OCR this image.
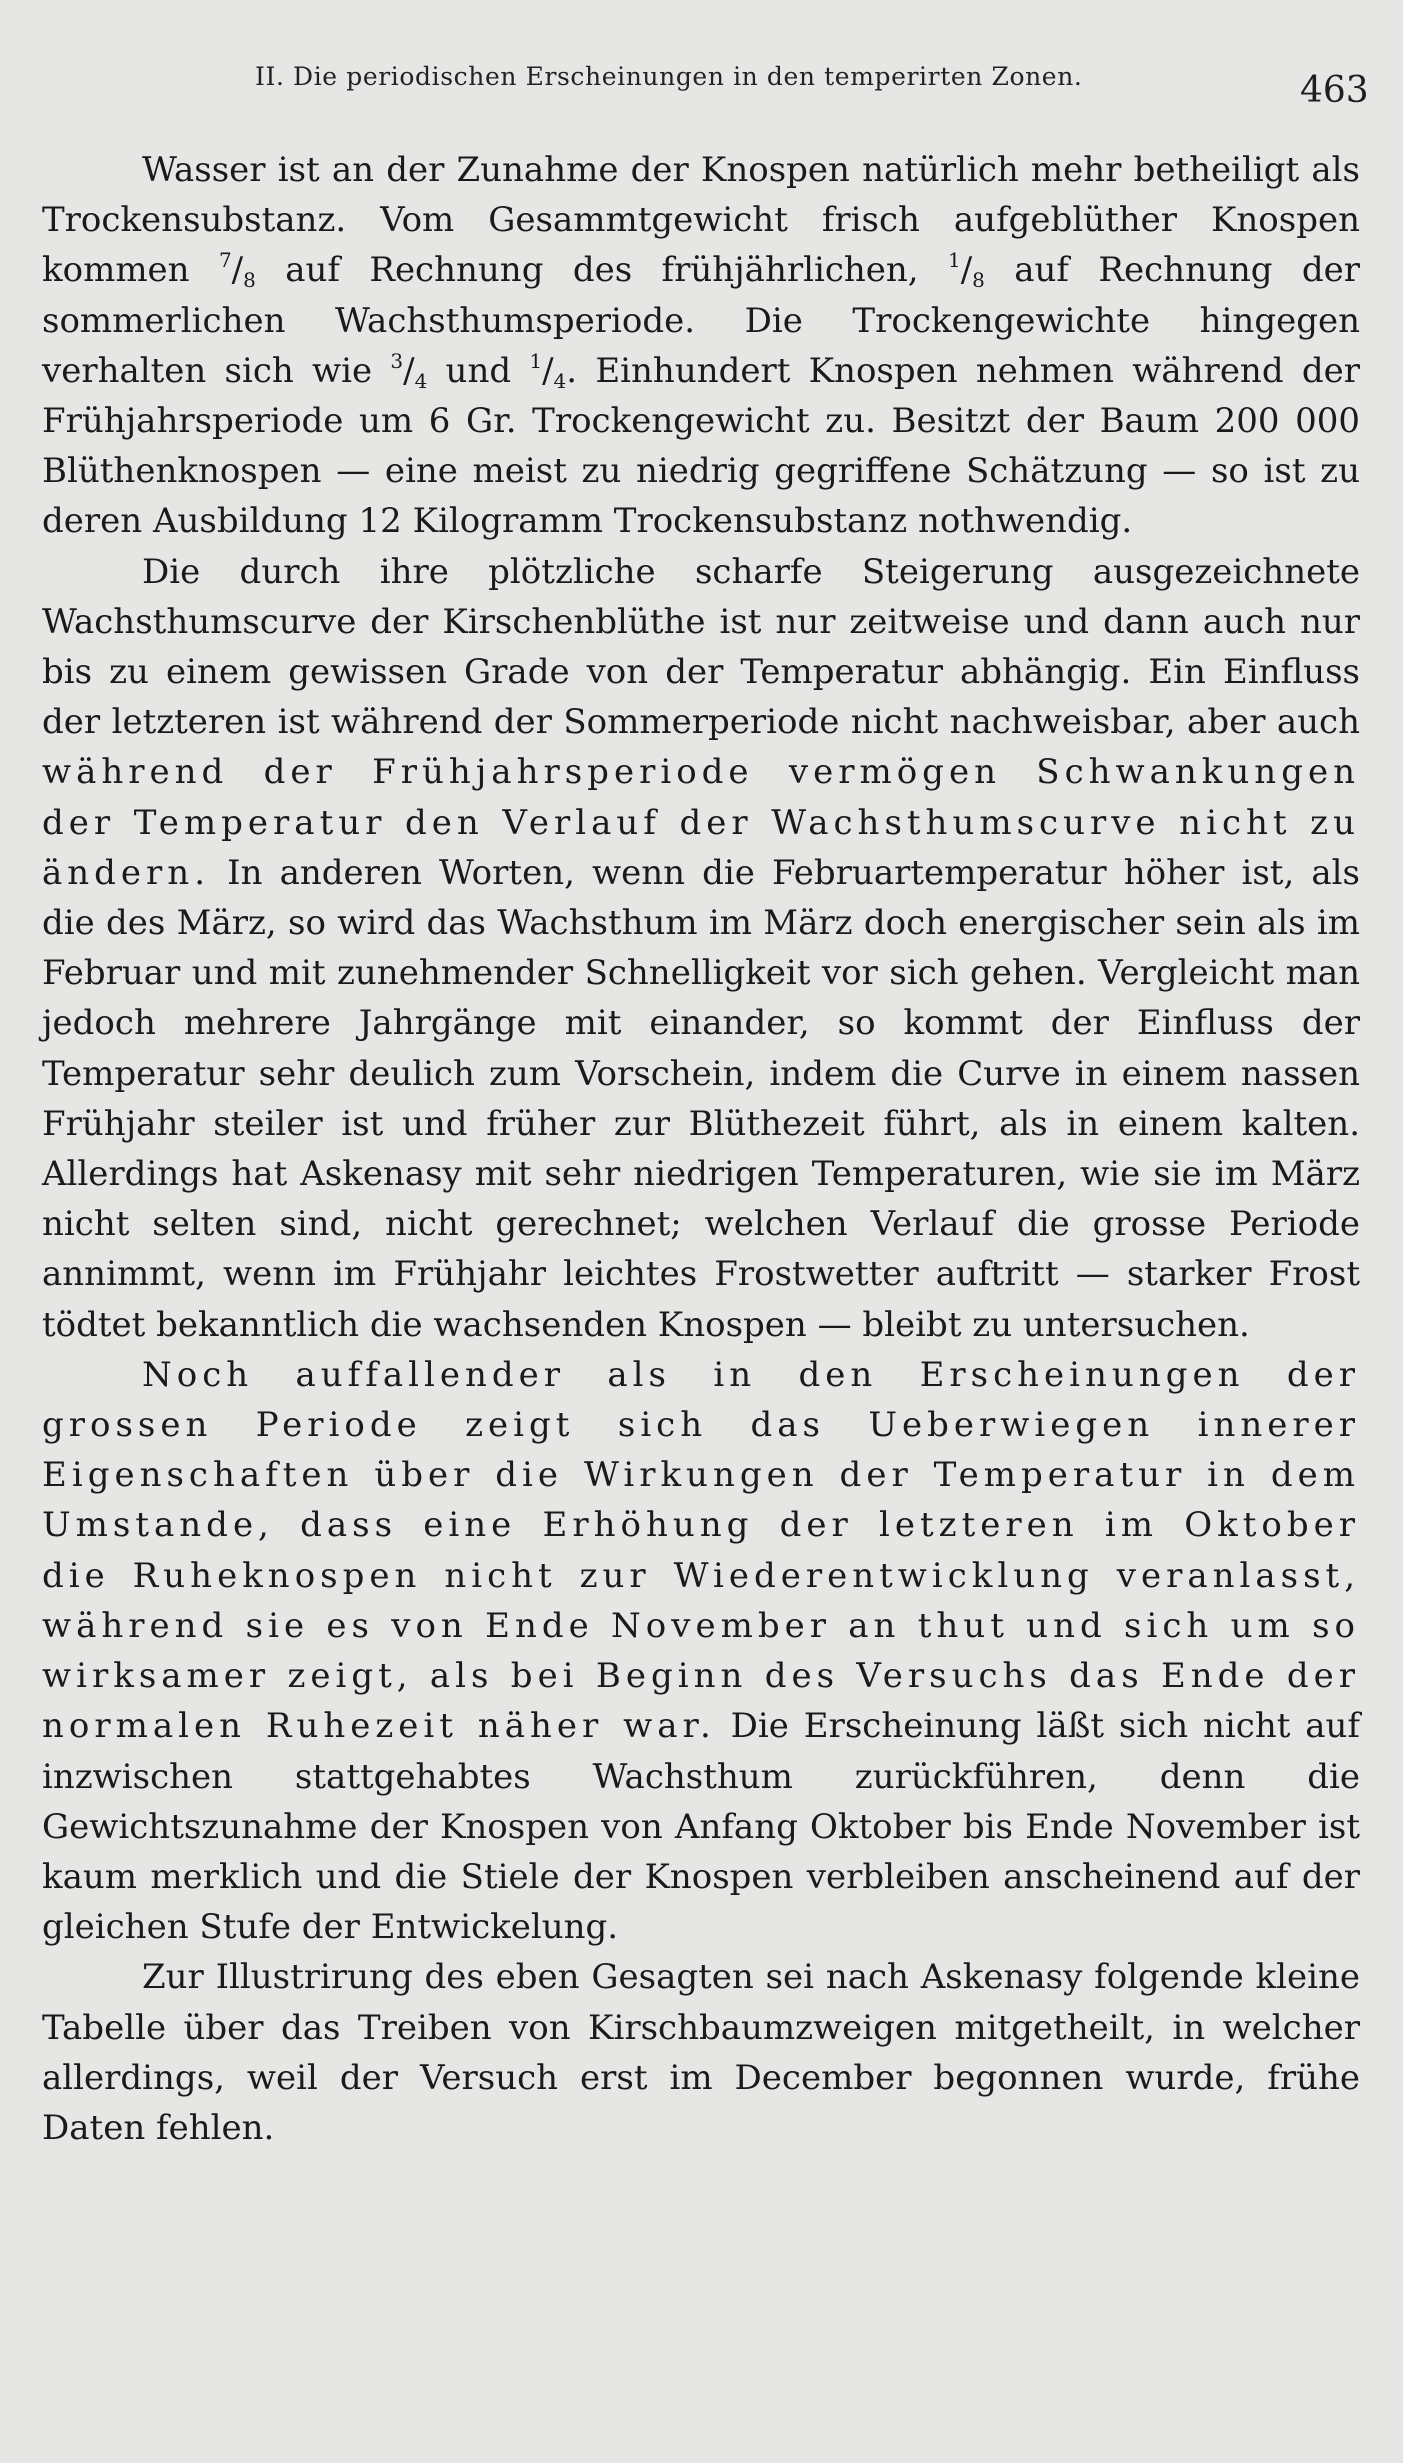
II. Die periodischen Erscheinungen in den temperirten Zonen.	463

Wasser ist an der Zunahme der Knospen natürlich mehr betheiligt als Trockensubstanz. Vom Gesammtgewicht frisch aufgeblüther Knospen kommen $^7/_8$ auf Rechnung des frühjährlichen, $^1/_8$ auf Rechnung der sommerlichen Wachsthumsperiode. Die Trockengewichte hingegen verhalten sich wie $^3/_4$ und $^1/_4$. Einhundert Knospen nehmen während der Frühjahrsperiode um 6 Gr. Trockengewicht zu. Besitzt der Baum 200 000 Blüthenknospen — eine meist zu niedrig gegriffene Schätzung — so ist zu deren Ausbildung 12 Kilogramm Trockensubstanz nothwendig.

Die durch ihre plötzliche scharfe Steigerung ausgezeichnete Wachsthumscurve der Kirschenblüthe ist nur zeitweise und dann auch nur bis zu einem gewissen Grade von der Temperatur abhängig. Ein Einfluss der letzteren ist während der Sommerperiode nicht nachweisbar, aber auch während der Frühjahrsperiode vermögen Schwankungen der Temperatur den Verlauf der Wachsthumscurve nicht zu ändern. In anderen Worten, wenn die Februartemperatur höher ist, als die des März, so wird das Wachsthum im März doch energischer sein als im Februar und mit zunehmender Schnelligkeit vor sich gehen. Vergleicht man jedoch mehrere Jahrgänge mit einander, so kommt der Einfluss der Temperatur sehr deulich zum Vorschein, indem die Curve in einem nassen Frühjahr steiler ist und früher zur Blüthezeit führt, als in einem kalten. Allerdings hat Askenasy mit sehr niedrigen Temperaturen, wie sie im März nicht selten sind, nicht gerechnet; welchen Verlauf die grosse Periode annimmt, wenn im Frühjahr leichtes Frostwetter auftritt — starker Frost tödtet bekanntlich die wachsenden Knospen — bleibt zu untersuchen.

Noch auffallender als in den Erscheinungen der grossen Periode zeigt sich das Ueberwiegen innerer Eigenschaften über die Wirkungen der Temperatur in dem Umstande, dass eine Erhöhung der letzteren im Oktober die Ruheknospen nicht zur Wiederentwicklung veranlasst, während sie es von Ende November an thut und sich um so wirksamer zeigt, als bei Beginn des Versuchs das Ende der normalen Ruhezeit näher war. Die Erscheinung läßt sich nicht auf inzwischen stattgehabtes Wachsthum zurückführen, denn die Gewichtszunahme der Knospen von Anfang Oktober bis Ende November ist kaum merklich und die Stiele der Knospen verbleiben anscheinend auf der gleichen Stufe der Entwickelung.

Zur Illustrirung des eben Gesagten sei nach Askenasy folgende kleine Tabelle über das Treiben von Kirschbaumzweigen mitgetheilt, in welcher allerdings, weil der Versuch erst im December begonnen wurde, frühe Daten fehlen.
